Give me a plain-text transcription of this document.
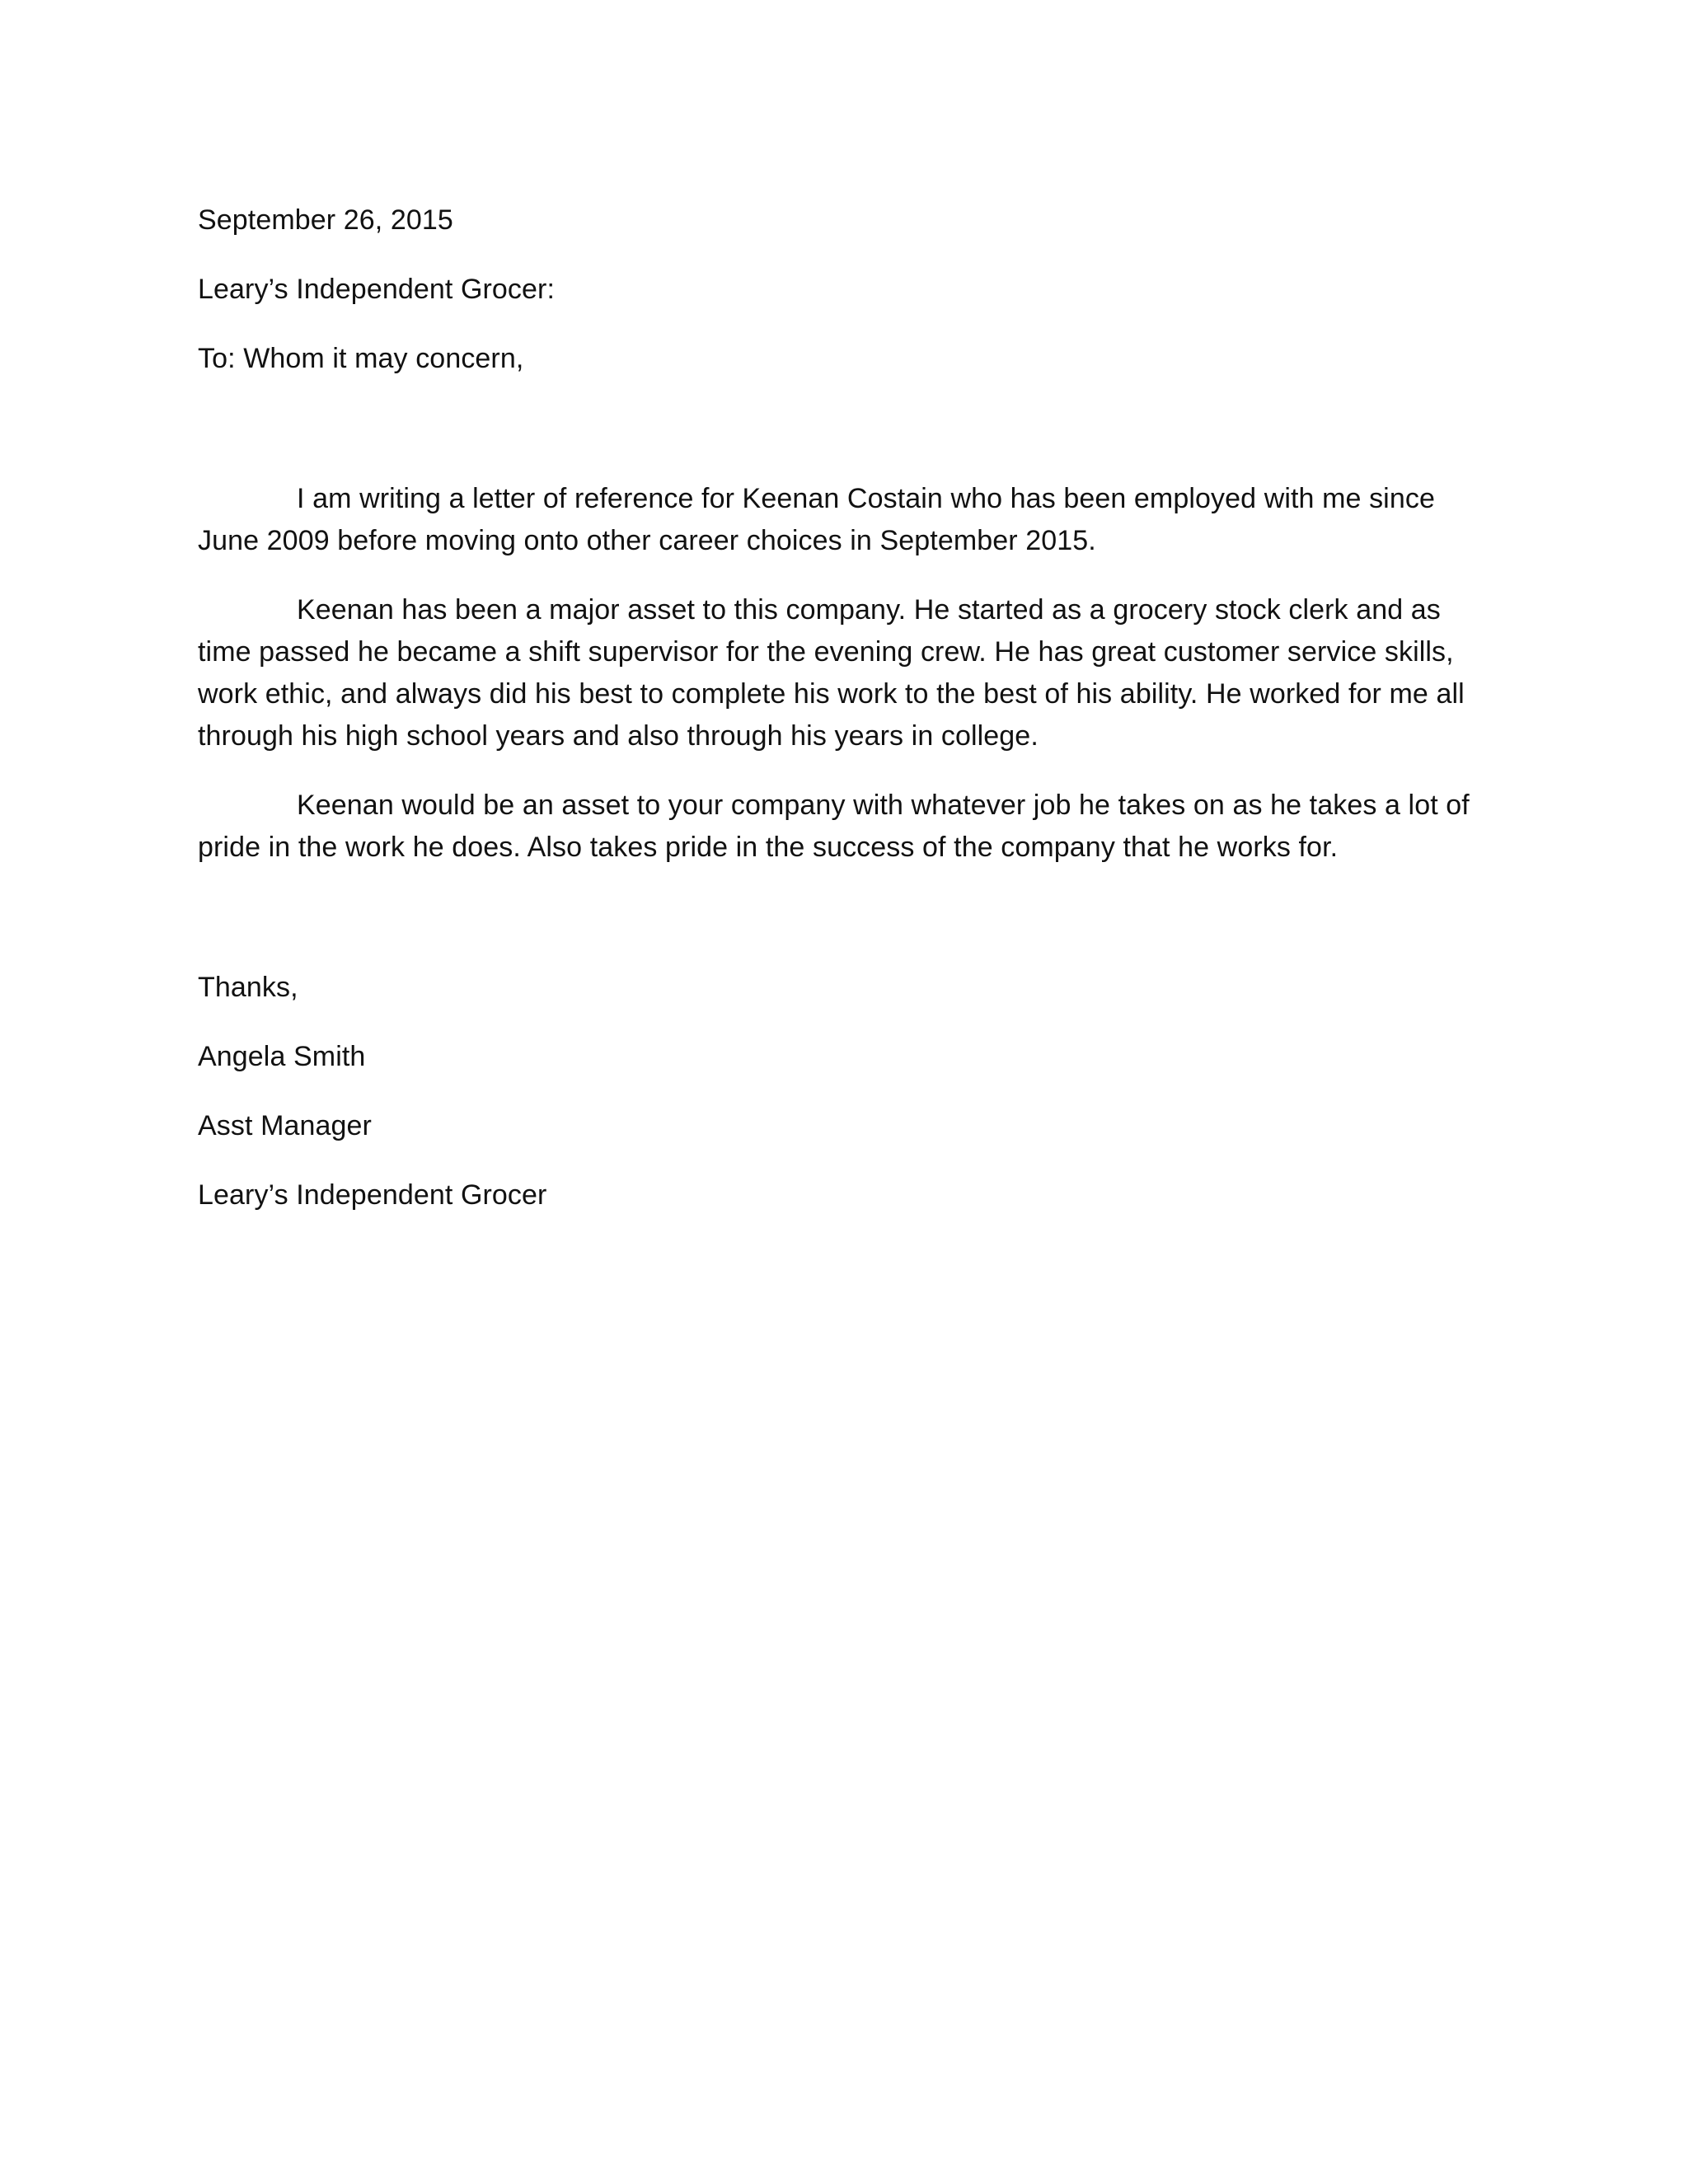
September 26, 2015
Leary’s Independent Grocer:
To: Whom it may concern,

I am writing a letter of reference for Keenan Costain who has been employed with me since June 2009 before moving onto other career choices in September 2015.

Keenan has been a major asset to this company. He started as a grocery stock clerk and as time passed he became a shift supervisor for the evening crew. He has great customer service skills, work ethic, and always did his best to complete his work to the best of his ability. He worked for me all through his high school years and also through his years in college.

Keenan would be an asset to your company with whatever job he takes on as he takes a lot of pride in the work he does. Also takes pride in the success of the company that he works for.

Thanks,
Angela Smith
Asst Manager
Leary’s Independent Grocer
